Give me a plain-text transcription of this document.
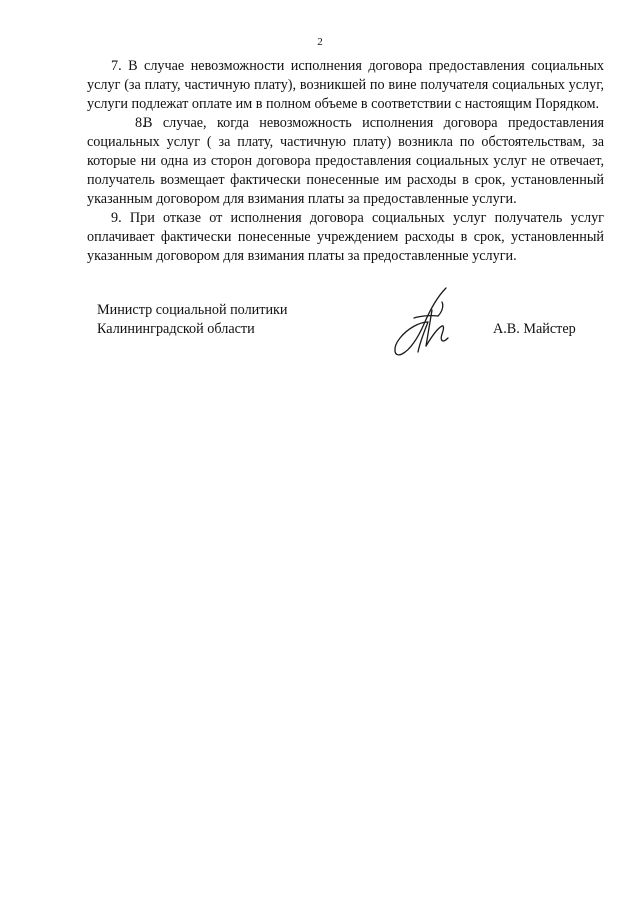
2

7. В случае невозможности исполнения договора предоставления социальных услуг (за плату, частичную плату), возникшей по вине получателя социальных услуг, услуги подлежат оплате им в полном объеме в соответствии с настоящим Порядком.

8.В случае, когда невозможность исполнения договора предоставления социальных услуг ( за плату, частичную плату) возникла по обстоятельствам, за которые ни одна из сторон договора предоставления социальных услуг не отвечает, получатель возмещает фактически понесенные им расходы в срок, установленный указанным договором для взимания платы за предоставленные услуги.

9. При отказе от исполнения договора социальных услуг получатель услуг оплачивает фактически понесенные учреждением расходы в срок, установленный указанным договором для взимания платы за предоставленные услуги.

Министр социальной политики
Калининградской области	А.В. Майстер
